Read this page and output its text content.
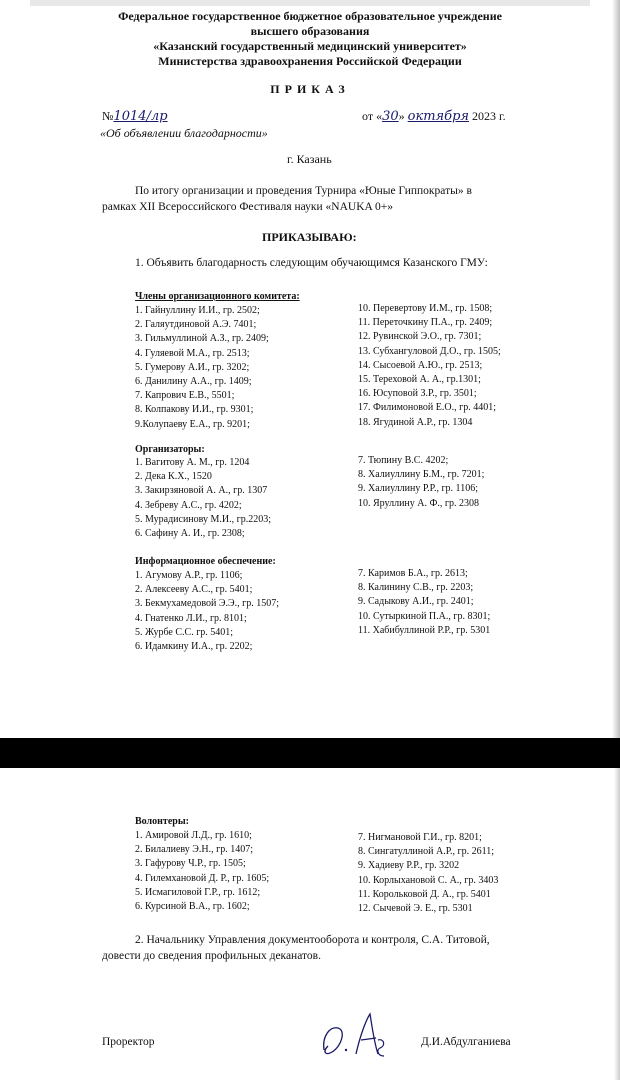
Федеральное государственное бюджетное образовательное учреждение
высшего образования
«Казанский государственный медицинский университет»
Министерства здравоохранения Российской Федерации
ПРИКАЗ
№1014/лр	от «30» октября 2023 г.
«Об объявлении благодарности»
г. Казань
По итогу организации и проведения Турнира «Юные Гиппократы» в
рамках XII Всероссийского Фестиваля науки «NAUKA 0+»
ПРИКАЗЫВАЮ:
1. Объявить благодарность следующим обучающимся Казанского ГМУ:
Члены организационного комитета:
1. Гайнуллину И.И., гр. 2502;
2. Галяутдиновой А.Э. 7401;
3. Гильмуллиной А.З., гр. 2409;
4. Гуляевой М.А., гр. 2513;
5. Гумерову А.И., гр. 3202;
6. Данилину А.А., гр. 1409;
7. Капрович Е.В., 5501;
8. Колпакову И.И., гр. 9301;
9.Колупаеву Е.А., гр. 9201;
10. Перевертову И.М., гр. 1508;
11. Переточкину П.А., гр. 2409;
12. Рувинской Э.О., гр. 7301;
13. Субхангуловой Д.О., гр. 1505;
14. Сысоевой А.Ю., гр. 2513;
15. Тереховой А. А., гр.1301;
16. Юсуповой З.Р., гр. 3501;
17. Филимоновой Е.О., гр. 4401;
18. Ягудиной А.Р., гр. 1304
Организаторы:
1. Вагитову А. М., гр. 1204
2. Дека К.Х., 1520
3. Закирзяновой А. А., гр. 1307
4. Зебреву А.С., гр. 4202;
5. Мурадисинову М.И., гр.2203;
6. Сафину А. И., гр. 2308;
7. Тюпину В.С. 4202;
8. Халиуллину Б.М., гр. 7201;
9. Халиуллину Р.Р., гр. 1106;
10. Яруллину А. Ф., гр. 2308
Информационное обеспечение:
1. Агумову А.Р., гр. 1106;
2. Алексееву А.С., гр. 5401;
3. Бекмухамедовой Э.Э., гр. 1507;
4. Гнатенко Л.И., гр. 8101;
5. Журбе С.С. гр. 5401;
6. Идамкину И.А., гр. 2202;
7. Каримов Б.А., гр. 2613;
8. Калинину С.В., гр. 2203;
9. Садыкову А.И., гр. 2401;
10. Сутыркиной П.А., гр. 8301;
11. Хабибуллиной Р.Р., гр. 5301
Волонтеры:
1. Амировой Л.Д., гр. 1610;
2. Билалиеву Э.Н., гр. 1407;
3. Гафурову Ч.Р., гр. 1505;
4. Гилемхановой Д. Р., гр. 1605;
5. Исмагиловой Г.Р., гр. 1612;
6. Курсиной В.А., гр. 1602;
7. Нигмановой Г.И., гр. 8201;
8. Сингатуллиной А.Р., гр. 2611;
9. Хадиеву Р.Р., гр. 3202
10. Корлыхановой С. А., гр. 3403
11. Корольковой Д. А., гр. 5401
12. Сычевой Э. Е., гр. 5301
2. Начальнику Управления документооборота и контроля, С.А. Титовой,
довести до сведения профильных деканатов.
Проректор
Д. Абд
Д.И.Абдулганиева
